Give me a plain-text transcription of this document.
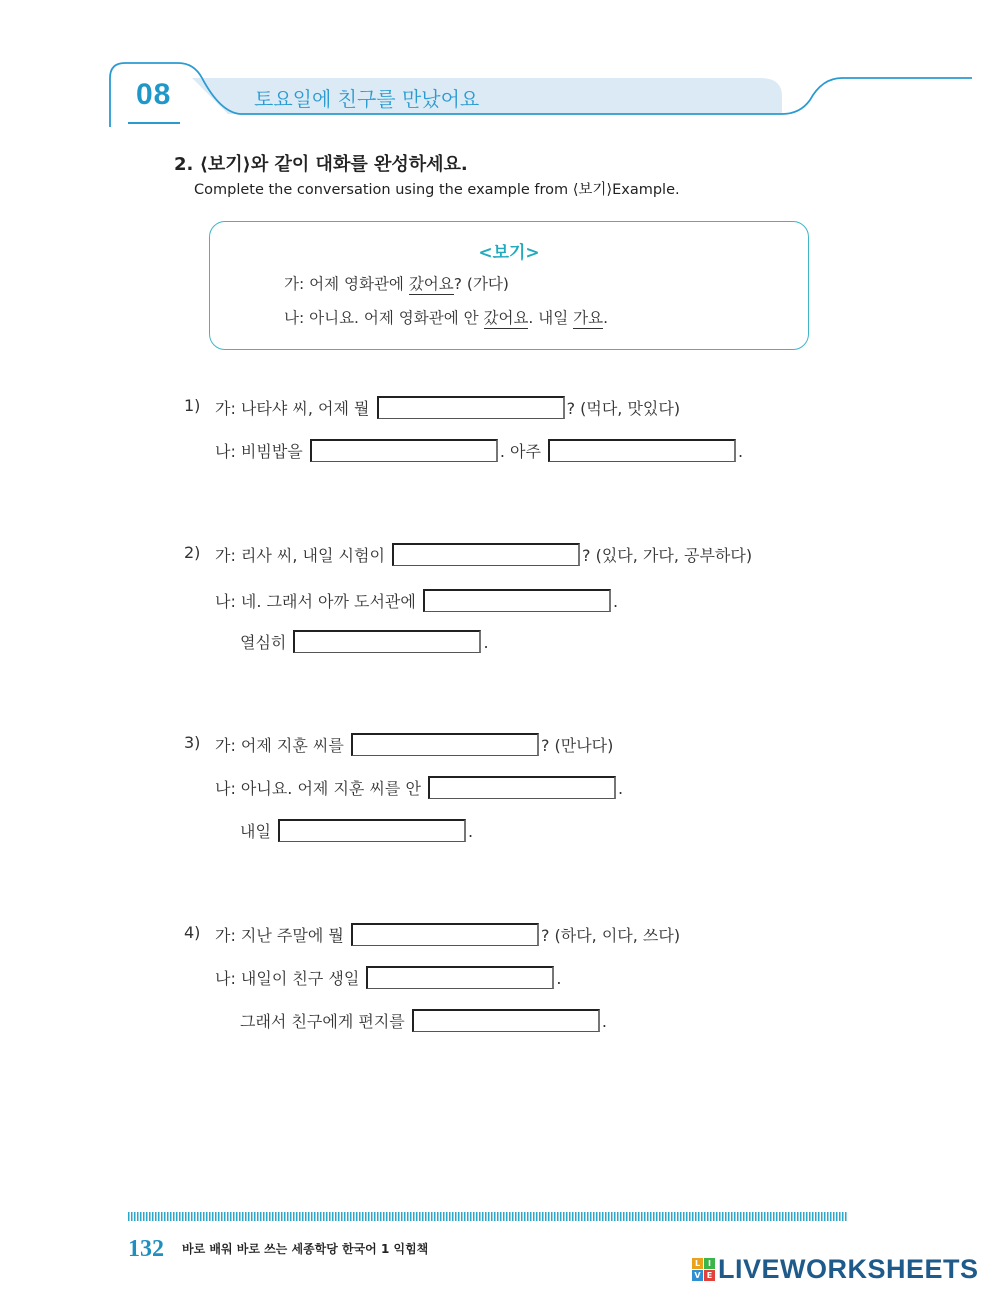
08	토요일에 친구를 만났어요
2. ⟨보기⟩와 같이 대화를 완성하세요.
Complete the conversation using the example from ⟨보기⟩Example.
<보기>
가: 어제 영화관에 갔어요? (가다)
나: 아니요. 어제 영화관에 안 갔어요. 내일 가요.
1) 가: 나타샤 씨, 어제 뭘	? (먹다, 맛있다)
나: 비빔밥을	. 아주	.
2) 가: 리사 씨, 내일 시험이	? (있다, 가다, 공부하다)
나: 네. 그래서 아까 도서관에	.
열심히	.
3) 가: 어제 지훈 씨를	? (만나다)
나: 아니요. 어제 지훈 씨를 안	.
내일	.
4) 가: 지난 주말에 뭘	? (하다, 이다, 쓰다)
나: 내일이 친구 생일	.
그래서 친구에게 편지를	.
132 바로 배워 바로 쓰는 세종학당 한국어 1 익힘책
L I
V E LIVEWORKSHEETS
